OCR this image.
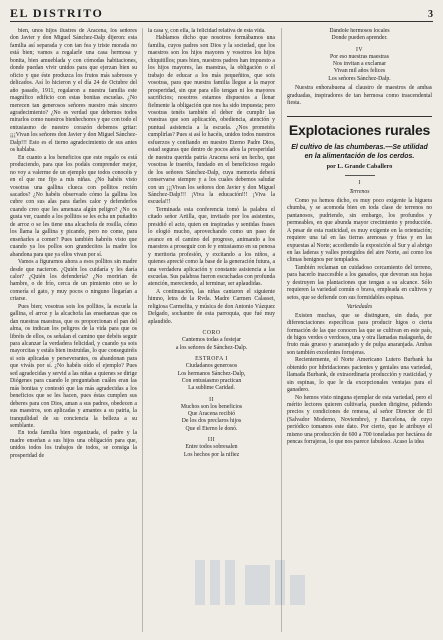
EL DISTRITO	3

bien, unos hijos ilustres de Aracena, los señores don Javier y don Miguel Sánchez-Dalp dijeron: esta familia así separada y con tan fea y triste morada no está bien; vamos a regalarle una casa hermosa y bonita, bien amueblada y con cómodas habitaciones, donde puedan vivir unidos para que ejerzan bien su oficio y que éste produzca los frutos más sabrosos y delicados. Así lo hicieron y el día 24 de Octubre del año pasado, 1911, regalaron a nuestra familia este magnífico edificio con estas bonitas escuelas. ¿No merecen tan generosos señores nuestro más sincero agradecimiento? ¿No es verdad que debemos todos mirarlos como nuestros bienhechores y que con todo el entusiasmo de nuestro corazón debemos gritar: ¡¡¡Vivan los señores don Javier y don Miguel Sánchez-Dalp!!! Esto es el tierno agradecimiento de sus antes os hablaba.

En cuanto a los beneficios que este regalo os está produciendo, para que los podáis comprender mejor, no voy a valerme de un ejemplo que todos conocéis y en el que me fijo a mis niñas. ¿No habéis visto vosotras una gallina clueca con pollitos recién sacados? ¿No habéis observado cómo la gallina los cubre con sus alas para darles calor y defenderlos cuando creo que les amenaza algún peligro? ¿No os gusta ver, cuando a los pollitos se les echa un puñadito de arroz o se les tiene una alcachofa de rosilla, cómo los llama la gallina y picando, pero no come, para enseñarles a comer? Pues también habréis visto que cuando ya los pollos son grandecitos la madre los abandona para que ya ellos vivan por sí.

Vamos a figurarnos ahora a esos pollitos sin madre desde que nacieron. ¿Quién los cuidaría y les daría calor? ¿Quién los defendería? ¿No morirían de hambre, o de frío, cerca de un pimiento otro se lo comería el gato, y muy pocos o ninguno llegarían a criarse.

Pues bien; vosotras sois los pollitos, la escuela la gallina, el arroz y la alcachofa las enseñanzas que os dan nuestras maestras, que os proporcionan el pan del alma, os indican los peligros de la vida para que os libréis de ellos, os señalan el camino que debéis seguir para alcanzar la verdadera felicidad, y cuando ya sois mayorcitas y estáis bien instruidas, lo que conseguiréis si sois aplicadas y perseverantes, os abandonan para que viváis por sí. ¿No habéis oído el ejemplo? Pues sed agradecidas y servid a las niñas a quienes se dirige Diógenes para cuando le preguntaban cuáles eran las más bonitas y contestó que las más agradecidas a los beneficios que se les hacen, pues éstas cumplen sus deberes para con Dios, aman a sus padres, obedecen a sus maestros, son aplicadas y amantes a su patria, la tranquilidad de su conciencia la belleza a su semblante.

En toda familia bien organizada, el padre y la madre enseñan a sus hijos una obligación para que, unidos todos los trabajos de todos, se consiga la prosperidad de

la casa y, con ella, la felicidad relativa de esta vida.

Hablamos dicho que nosotros formábamos una familia, cuyos padres son Dios y la sociedad, que los maestros son los hijos mayores y vosotros los hijos chiquitillos; pues bien, nuestros padres han impuesto a los hijos mayores, las maestras, la obligación o el trabajo de educar a los más pequeñitos, que sois vosotras, para que nuestra familia llegue a la mayor prosperidad, sin que para ello tengan ni los mayores sacrificios; nosotros estamos dispuestos a llenar fielmente la obligación que nos ha sido impuesta; pero vosotras tenéis también el deber de cumplir las vuestras que son aplicación, obediencia, atención y puntual asistencia a la escuela. ¿Nos prometéis cumplirlas? Pues si así lo hacéis, unidos todos nuestros esfuerzos y confiando en nuestro Eterno Padre Dios, estad seguras que dentro de pocos años la prosperidad de nuestra querida patria Aracena será un hecho, que vosotras le traeréis, fundado en el beneficioso regalo de los señores Sánchez-Dalp, cuya memoria deberá conservarse siempre y a los cuales debemos saludar con un ¡¡¡Vivan los señores don Javier y don Miguel Sánchez-Dalp!!! ¡Viva la educación!!! ¡Viva la escuela!!!

Terminada esta conferencia tomó la palabra el citado señor Artilla, que, invitado por los asistentes, presidió el acto, quien en inspiradas y sentidas frases lo elogió mucho, aprovechando como un paso de avance en el camino del progreso, animando a los maestros a proseguir con fe y entusiasmo en su penosa y meritoria profesión, y excitando a los niños, a quienes aprecié como la base de la generación futura, a una verdadera aplicación y constante asistencia a las escuelas. Sus palabras fueron escuchadas con profunda atención, mereciendo, al terminar, ser aplaudidas.

A continuación, las niñas cantaron el siguiente himno, letra de la Rvda. Madre Carmen Calasset, religiosa Carmelita, y música de don Antonio Vázquez Delgado, sochantre de esta parroquia, que fué muy aplaudido.

CORO
Cantemos todas a festejar
a los señores de Sánchez-Dalp.
ESTROFA I
Ciudadanos generosos
Los hermanos Sánchez-Dalp,
Con entusiasmo practican
La sublime Caridad.
II
Muchos son los beneficios
Que Aracena recibió
De los dos preclaros hijos
Que el Eterno le donó.
III
Entre todos sobresalen
Los hechos por la nifiez
Dándole hermosos locales
Donde pueden aprender.
IV
Por eso nuestras maestras
Nos invitan a exclamar
Vivan mil años felices
Los señores Sánchez-Dalp.

Nuestra enhorabuena al claustro de maestros de ambas graduadas, inspiradores de tan hermosa como trascendental fiesta.

Explotaciones rurales
El cultivo de las chumberas.—Se utilidad en la alimentación de los cerdos.
por L. Grande Caballero
I
Terrenos

Como ya hemos dicho, es muy poco exigente la higuera chumba, y se acomoda bien en toda clase de terrenos no pantanosos, pudriendo, sin embargo, los profundos y permeables, en que abunda mayor crecimiento y producción. A pesar de esta rusticidad, es muy exigente en la orientación; requiere una tal en las tierras arenosas y frías y en las expuestas al Norte; accediendo la exposición al Sur y al abrigo en las laderas y valles protegidos del aire Norte, así como los climas benignos per templados.

También reclaman un cuidadoso cercamiento del terreno, para hacerlo inaccesible a los ganados, que devoran sus hojas y destruyen las plantaciones que tengan a su alcance. Sólo requieren la variedad común o brava, empleada en cultivos y setos, que se defiende con sus formidables espinas.

Variedades

Existen muchas, que se distinguen, sin duda, por diferenciaciones específicas para producir higos o cierta formación de las que conocen las que se cultivan en este país, de higos verdes o verdosos, una y otra llamadas malagueña, de fruto más grueso y anaranjado y de pulpa anaranjada. Ambas son también excelentes forrajeras.

Recientemente, el Norte Americano Lutero Burbank ha obtenido por hibridaciones pacientes y geniales una variedad, llamada Burbank, de extraordinaria producción y rusticidad, y sin espinas, lo que le da excepcionales ventajas para el ganadero.

No hemos visto ninguna ejemplar de esta variedad, pero el mérito lectores quieren cultivarla, pueden dirigirse, pidiendo precios y condiciones de remesa, al señor Director de El (Salvador Moderno, Noviembre), y Barcelona, de cuyo periódico tomamos este dato. Por cierto, que le atribuye el mismo una producción de 600 a 700 toneladas por hectárea de pencas forrajeras, lo que nos parece fabuloso. Acaso la idea
